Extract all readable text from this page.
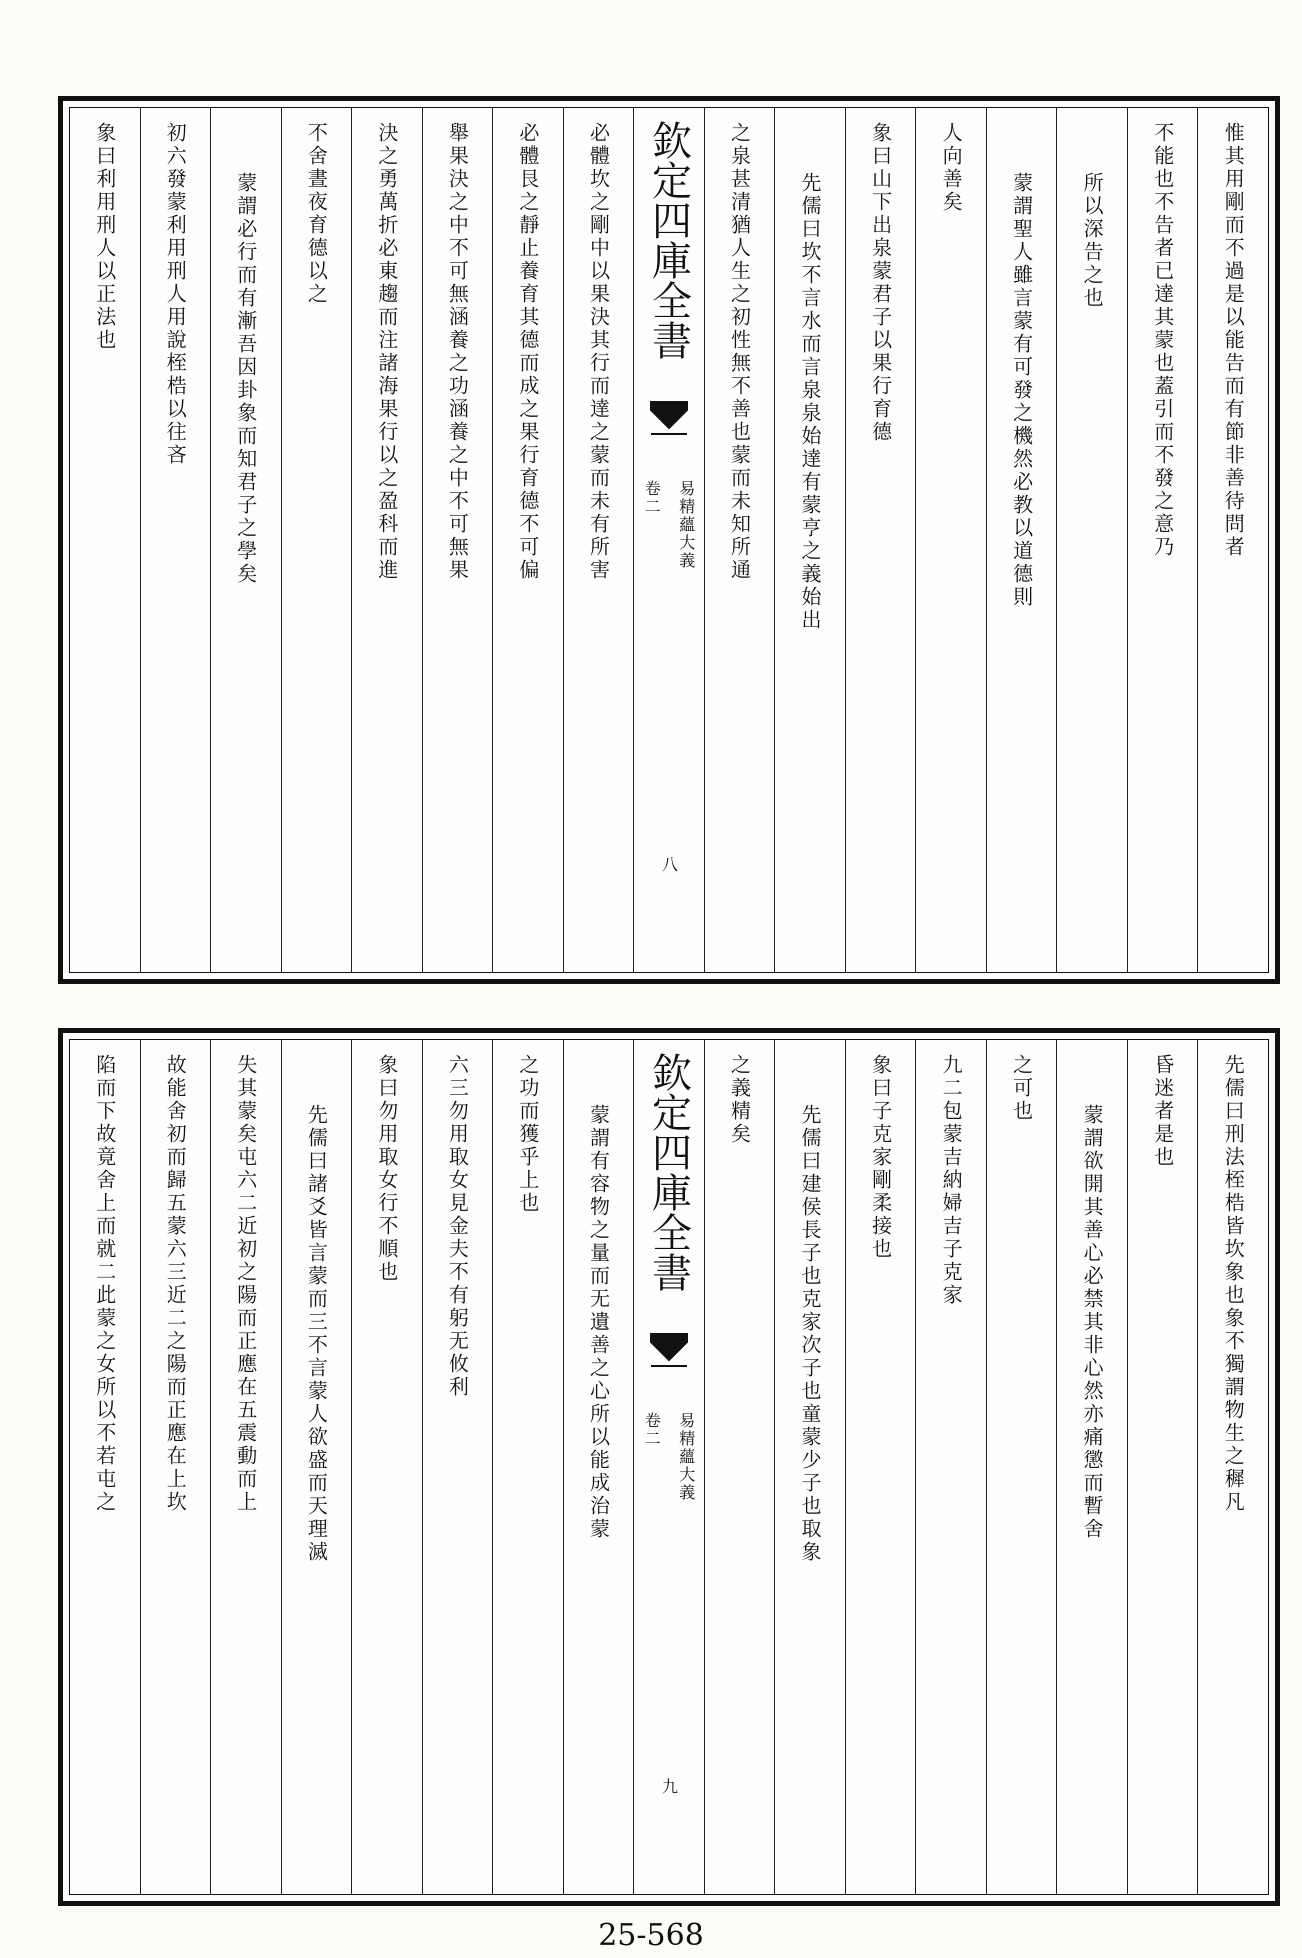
惟其用剛而不過是以能告而有節非善待問者
不能也不告者已達其蒙也蓋引而不發之意乃
所以深告之也
蒙謂聖人雖言蒙有可發之機然必教以道德則
人向善矣
象曰山下出泉蒙君子以果行育德
先儒曰坎不言水而言泉泉始達有蒙亨之義始出
之泉甚清猶人生之初性無不善也蒙而未知所通
欽定四庫全書
易精蘊大義
卷二
八
必體坎之剛中以果決其行而達之蒙而未有所害
必體艮之靜止養育其德而成之果行育德不可偏
舉果決之中不可無涵養之功涵養之中不可無果
決之勇萬折必東趨而注諸海果行以之盈科而進
不舍晝夜育德以之
蒙謂必行而有漸吾因卦象而知君子之學矣
初六發蒙利用刑人用說桎梏以往吝
象曰利用刑人以正法也
先儒曰刑法桎梏皆坎象也象不獨謂物生之穉凡
昏迷者是也
蒙謂欲開其善心必禁其非心然亦痛懲而暫舍
之可也
九二包蒙吉納婦吉子克家
象曰子克家剛柔接也
先儒曰建侯長子也克家次子也童蒙少子也取象
之義精矣
欽定四庫全書
易精蘊大義
卷二
九
蒙謂有容物之量而无遺善之心所以能成治蒙
之功而獲乎上也
六三勿用取女見金夫不有躬无攸利
象曰勿用取女行不順也
先儒曰諸爻皆言蒙而三不言蒙人欲盛而天理滅
失其蒙矣屯六二近初之陽而正應在五震動而上
故能舍初而歸五蒙六三近二之陽而正應在上坎
陷而下故竟舍上而就二此蒙之女所以不若屯之
25-568
